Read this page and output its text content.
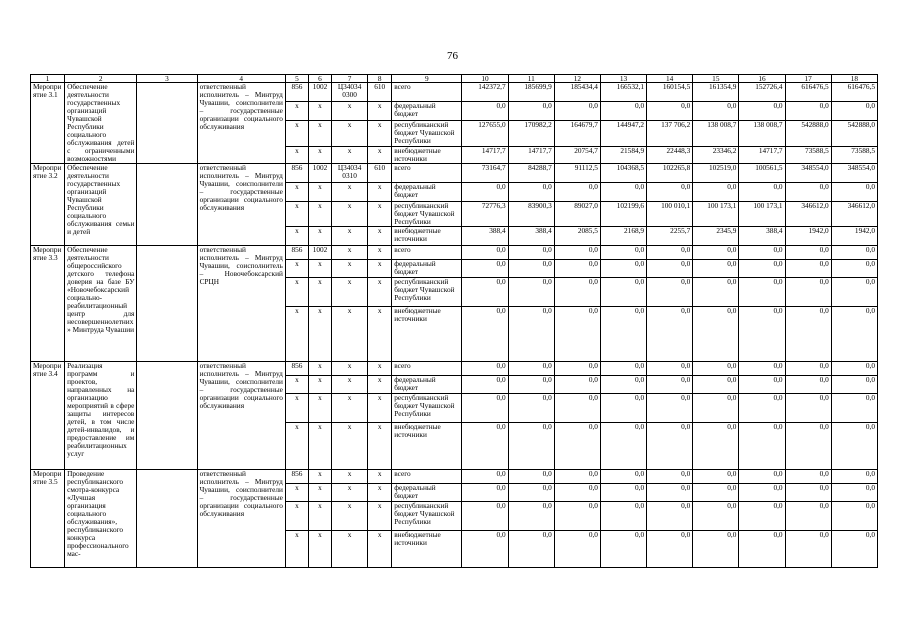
76
1	2	3	4	5	6	7	8	9	10	11	12	13	14	15	16	17	18
Мероприятие 3.1	Обеспечение деятельности государственных организаций Чувашской Республики социального обслуживания детей с ограниченными возможностями		ответственный исполнитель – Минтруд Чувашии, соисполнители – государственные организации социального обслуживания	856	1002	Ц34034 0300	610	всего	142372,7	185699,9	185434,4	166532,1	160154,5	161354,9	152726,4	616476,5	616476,5
				х	х	х	х	федеральный бюджет	0,0	0,0	0,0	0,0	0,0	0,0	0,0	0,0	0,0
				х	х	х	х	республиканский бюджет Чувашской Республики	127655,0	170982,2	164679,7	144947,2	137 706,2	138 008,7	138 008,7	542888,0	542888,0
				х	х	х	х	внебюджетные источники	14717,7	14717,7	20754,7	21584,9	22448,3	23346,2	14717,7	73588,5	73588,5
Мероприятие 3.2	Обеспечение деятельности государственных организаций Чувашской Республики социального обслуживания семьи и детей		ответственный исполнитель – Минтруд Чувашии, соисполнители – государственные организации социального обслуживания	856	1002	Ц34034 0310	610	всего	73164,7	84288,7	91112,5	104368,5	102265,8	102519,0	100561,5	348554,0	348554,0
				х	х	х	х	федеральный бюджет	0,0	0,0	0,0	0,0	0,0	0,0	0,0	0,0	0,0
				х	х	х	х	республиканский бюджет Чувашской Республики	72776,3	83900,3	89027,0	102199,6	100 010,1	100 173,1	100 173,1	346612,0	346612,0
				х	х	х	х	внебюджетные источники	388,4	388,4	2085,5	2168,9	2255,7	2345,9	388,4	1942,0	1942,0
Мероприятие 3.3	Обеспечение деятельности общероссийского детского телефона доверия на базе БУ «Новочебоксарский социально-реабилитационный центр для несовершеннолетних» Минтруда Чувашии		ответственный исполнитель – Минтруд Чувашии, соисполнитель – Новочебоксарский СРЦН	856	1002	х	х	всего	0,0	0,0	0,0	0,0	0,0	0,0	0,0	0,0	0,0
				х	х	х	х	федеральный бюджет	0,0	0,0	0,0	0,0	0,0	0,0	0,0	0,0	0,0
				х	х	х	х	республиканский бюджет Чувашской Республики	0,0	0,0	0,0	0,0	0,0	0,0	0,0	0,0	0,0
				х	х	х	х	внебюджетные источники	0,0	0,0	0,0	0,0	0,0	0,0	0,0	0,0	0,0
Мероприятие 3.4	Реализация программ и проектов, направленных на организацию мероприятий в сфере защиты интересов детей, в том числе детей-инвалидов, и предоставление им реабилитационных услуг		ответственный исполнитель – Минтруд Чувашии, соисполнители – государственные организации социального обслуживания	856	х	х	х	всего	0,0	0,0	0,0	0,0	0,0	0,0	0,0	0,0	0,0
				х	х	х	х	федеральный бюджет	0,0	0,0	0,0	0,0	0,0	0,0	0,0	0,0	0,0
				х	х	х	х	республиканский бюджет Чувашской Республики	0,0	0,0	0,0	0,0	0,0	0,0	0,0	0,0	0,0
				х	х	х	х	внебюджетные источники	0,0	0,0	0,0	0,0	0,0	0,0	0,0	0,0	0,0
Мероприятие 3.5	Проведение республиканского смотра-конкурса «Лучшая организация социального обслуживания», республиканского конкурса профессионального мас-		ответственный исполнитель – Минтруд Чувашии, соисполнители – государственные организации социального обслуживания	856	х	х	х	всего	0,0	0,0	0,0	0,0	0,0	0,0	0,0	0,0	0,0
				х	х	х	х	федеральный бюджет	0,0	0,0	0,0	0,0	0,0	0,0	0,0	0,0	0,0
				х	х	х	х	республиканский бюджет Чувашской Республики	0,0	0,0	0,0	0,0	0,0	0,0	0,0	0,0	0,0
				х	х	х	х	внебюджетные источники	0,0	0,0	0,0	0,0	0,0	0,0	0,0	0,0	0,0
